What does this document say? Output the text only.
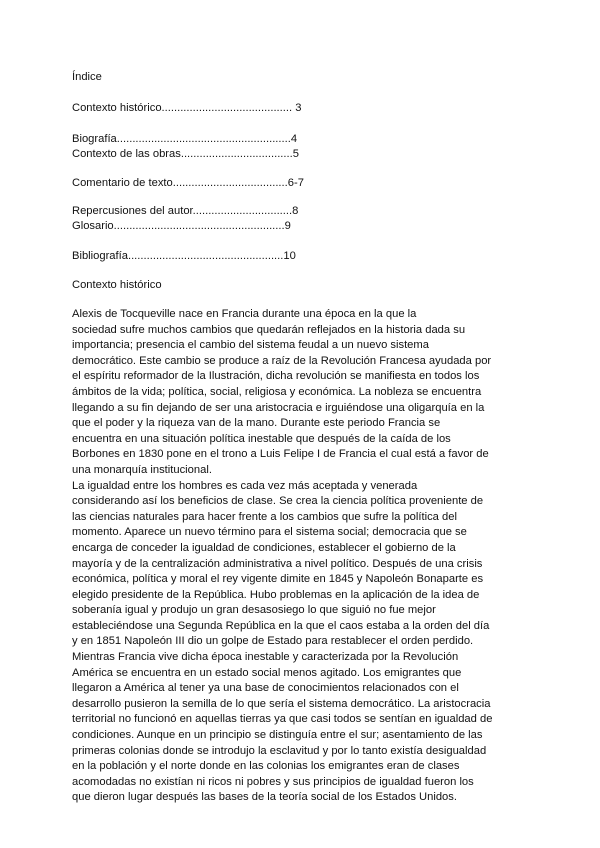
Índice
Contexto histórico.......................................... 3
Biografía........................................................4
Contexto de las obras....................................5
Comentario de texto.....................................6-7
Repercusiones del autor................................8
Glosario.......................................................9
Bibliografía..................................................10
Contexto histórico
Alexis de Tocqueville nace en Francia durante una época en la que la
sociedad sufre muchos cambios que quedarán reflejados en la historia dada su
importancia; presencia el cambio del sistema feudal a un nuevo sistema
democrático. Este cambio se produce a raíz de la Revolución Francesa ayudada por
el espíritu reformador de la Ilustración, dicha revolución se manifiesta en todos los
ámbitos de la vida; política, social, religiosa y económica. La nobleza se encuentra
llegando a su fin dejando de ser una aristocracia e irguiéndose una oligarquía en la
que el poder y la riqueza van de la mano. Durante este periodo Francia se
encuentra en una situación política inestable que después de la caída de los
Borbones en 1830 pone en el trono a Luis Felipe I de Francia el cual está a favor de
una monarquía institucional.
La igualdad entre los hombres es cada vez más aceptada y venerada
considerando así los beneficios de clase. Se crea la ciencia política proveniente de
las ciencias naturales para hacer frente a los cambios que sufre la política del
momento. Aparece un nuevo término para el sistema social; democracia que se
encarga de conceder la igualdad de condiciones, establecer el gobierno de la
mayoría y de la centralización administrativa a nivel político. Después de una crisis
económica, política y moral el rey vigente dimite en 1845 y Napoleón Bonaparte es
elegido presidente de la República. Hubo problemas en la aplicación de la idea de
soberanía igual y produjo un gran desasosiego lo que siguió no fue mejor
estableciéndose una Segunda República en la que el caos estaba a la orden del día
y en 1851 Napoleón III dio un golpe de Estado para restablecer el orden perdido.
Mientras Francia vive dicha época inestable y caracterizada por la Revolución
América se encuentra en un estado social menos agitado. Los emigrantes que
llegaron a América al tener ya una base de conocimientos relacionados con el
desarrollo pusieron la semilla de lo que sería el sistema democrático. La aristocracia
territorial no funcionó en aquellas tierras ya que casi todos se sentían en igualdad de
condiciones. Aunque en un principio se distinguía entre el sur; asentamiento de las
primeras colonias donde se introdujo la esclavitud y por lo tanto existía desigualdad
en la población y el norte donde en las colonias los emigrantes eran de clases
acomodadas no existían ni ricos ni pobres y sus principios de igualdad fueron los
que dieron lugar después las bases de la teoría social de los Estados Unidos.
